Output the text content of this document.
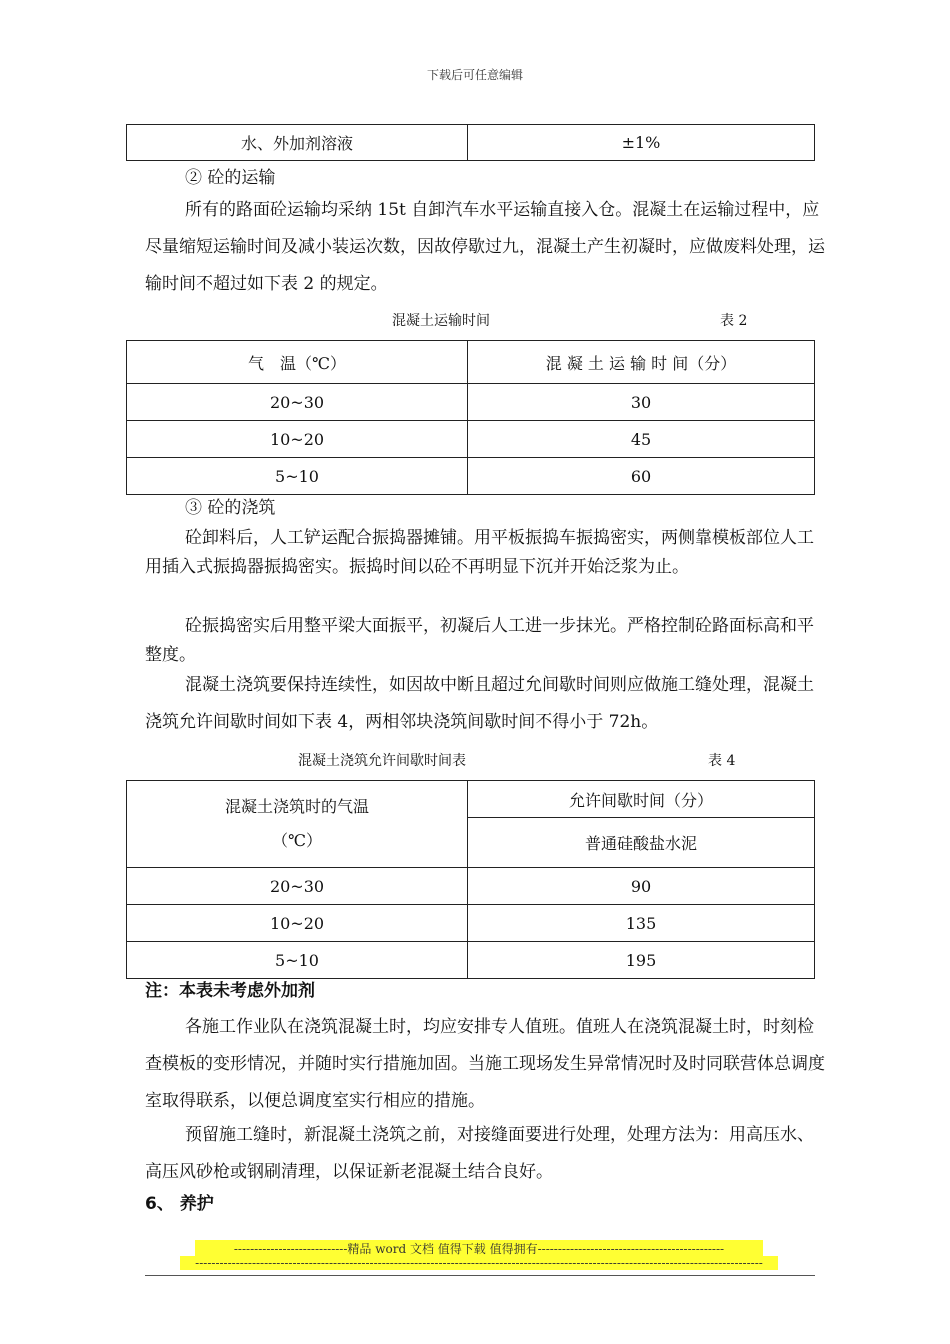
下载后可任意编辑
水、外加剂溶液	±1%
② 砼的运输
所有的路面砼运输均采纳 15t 自卸汽车水平运输直接入仓。混凝土在运输过程中，应尽量缩短运输时间及减小装运次数，因故停歇过九，混凝土产生初凝时，应做废料处理，运输时间不超过如下表 2 的规定。
混凝土运输时间	表 2
气　温（℃）	混 凝 土 运 输 时 间（分）
20~30	30
10~20	45
5~10	60
③ 砼的浇筑
砼卸料后，人工铲运配合振捣器摊铺。用平板振捣车振捣密实，两侧靠模板部位人工用插入式振捣器振捣密实。振捣时间以砼不再明显下沉并开始泛浆为止。
砼振捣密实后用整平梁大面振平，初凝后人工进一步抹光。严格控制砼路面标高和平整度。
混凝土浇筑要保持连续性，如因故中断且超过允间歇时间则应做施工缝处理，混凝土浇筑允许间歇时间如下表 4，两相邻块浇筑间歇时间不得小于 72h。
混凝土浇筑允许间歇时间表	表 4
混凝土浇筑时的气温
（℃）	允许间歇时间（分）
	普通硅酸盐水泥
20~30	90
10~20	135
5~10	195
注：本表未考虑外加剂
各施工作业队在浇筑混凝土时，均应安排专人值班。值班人在浇筑混凝土时，时刻检查模板的变形情况，并随时实行措施加固。当施工现场发生异常情况时及时同联营体总调度室取得联系，以便总调度室实行相应的措施。
预留施工缝时，新混凝土浇筑之前，对接缝面要进行处理，处理方法为：用高压水、高压风砂枪或钢刷清理，以保证新老混凝土结合良好。
6、 养护
----------------------------精品 word 文档 值得下载 值得拥有----------------------------------------------
--------------------------------------------------------------------------------------------------------------------------------------------
